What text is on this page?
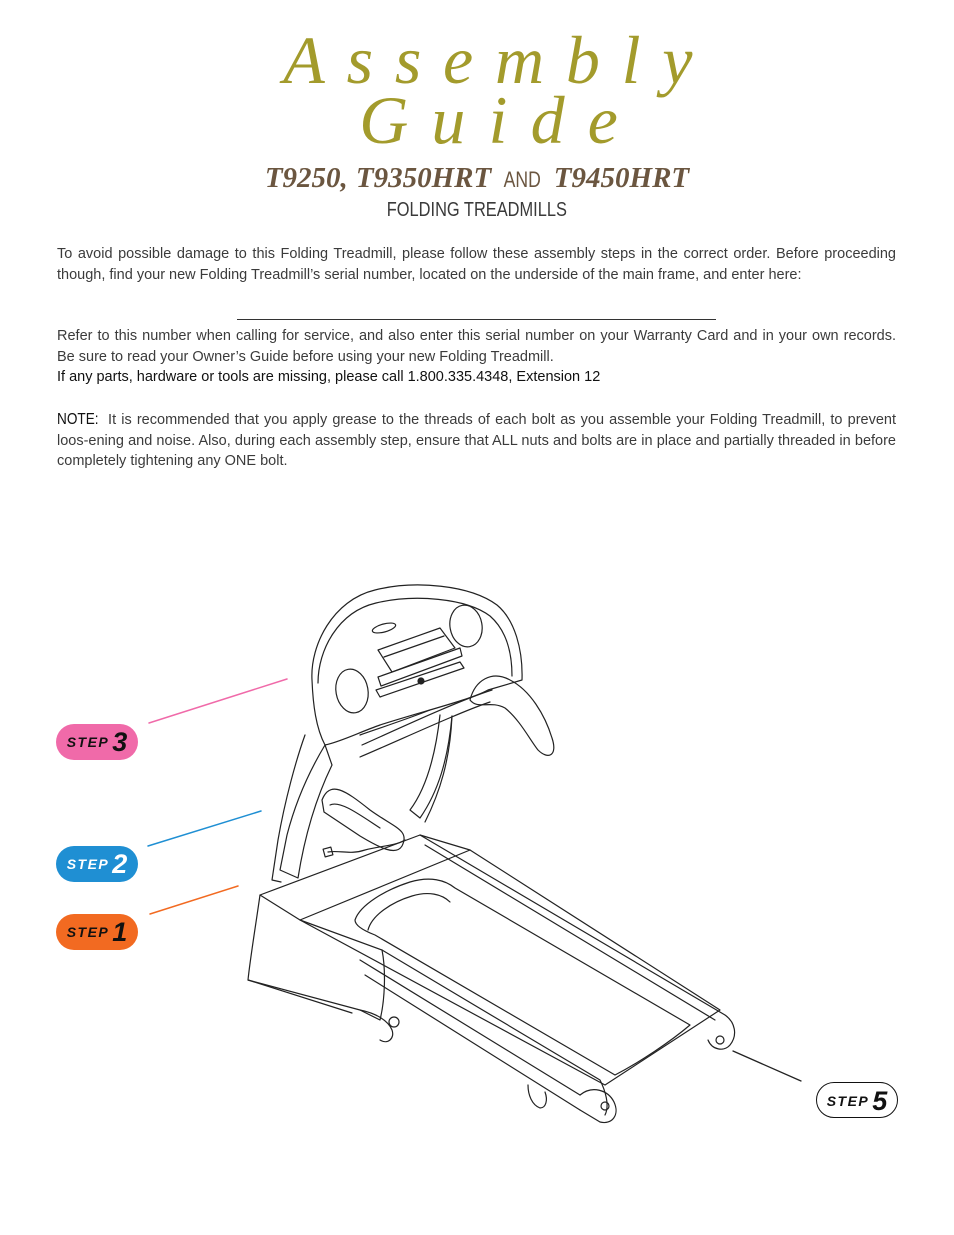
Assembly
Guide
T9250, T9350HRT AND T9450HRT
FOLDING TREADMILLS

To avoid possible damage to this Folding Treadmill, please follow these assembly steps in the correct order. Before proceeding though, find your new Folding Treadmill’s serial number, located on the underside of the main frame, and enter here:

Refer to this number when calling for service, and also enter this serial number on your Warranty Card and in your own records. Be sure to read your Owner’s Guide before using your new Folding Treadmill.

If any parts, hardware or tools are missing, please call 1.800.335.4348, Extension 12

NOTE: It is recommended that you apply grease to the threads of each bolt as you assemble your Folding Treadmill, to prevent loos-ening and noise. Also, during each assembly step, ensure that ALL nuts and bolts are in place and partially threaded in before completely tightening any ONE bolt.

STEP 3
STEP 2
STEP 1
STEP 5
